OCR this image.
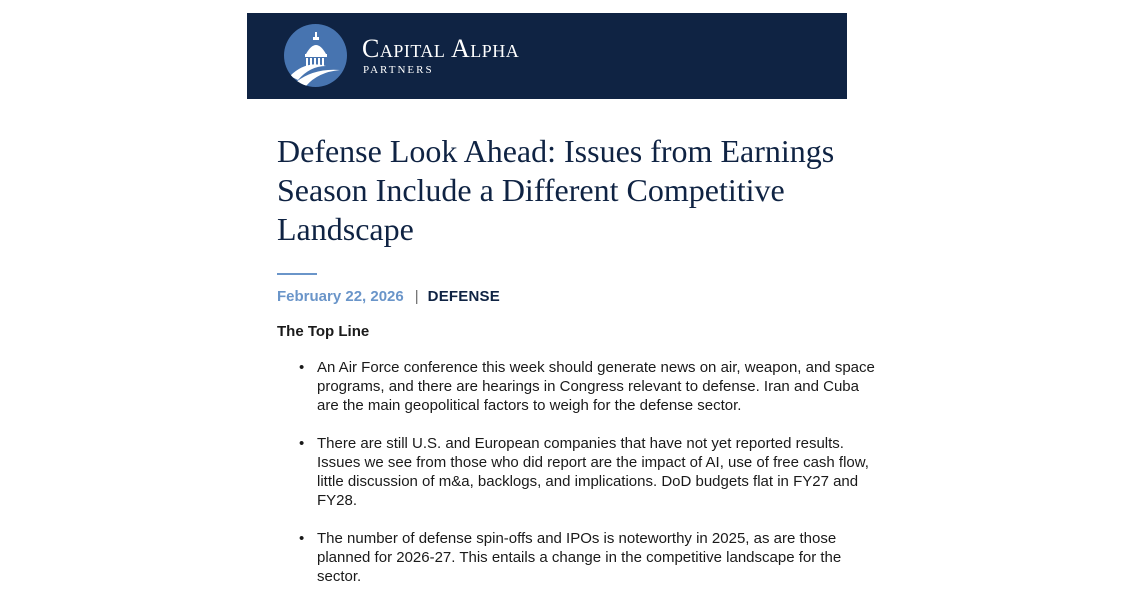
Capital Alpha
PARTNERS
Defense Look Ahead: Issues from Earnings Season Include a Different Competitive Landscape
February 22, 2026 | DEFENSE
The Top Line
• An Air Force conference this week should generate news on air, weapon, and space programs, and there are hearings in Congress relevant to defense. Iran and Cuba are the main geopolitical factors to weigh for the defense sector.
• There are still U.S. and European companies that have not yet reported results. Issues we see from those who did report are the impact of AI, use of free cash flow, little discussion of m&a, backlogs, and implications. DoD budgets flat in FY27 and FY28.
• The number of defense spin-offs and IPOs is noteworthy in 2025, as are those planned for 2026-27. This entails a change in the competitive landscape for the sector.
